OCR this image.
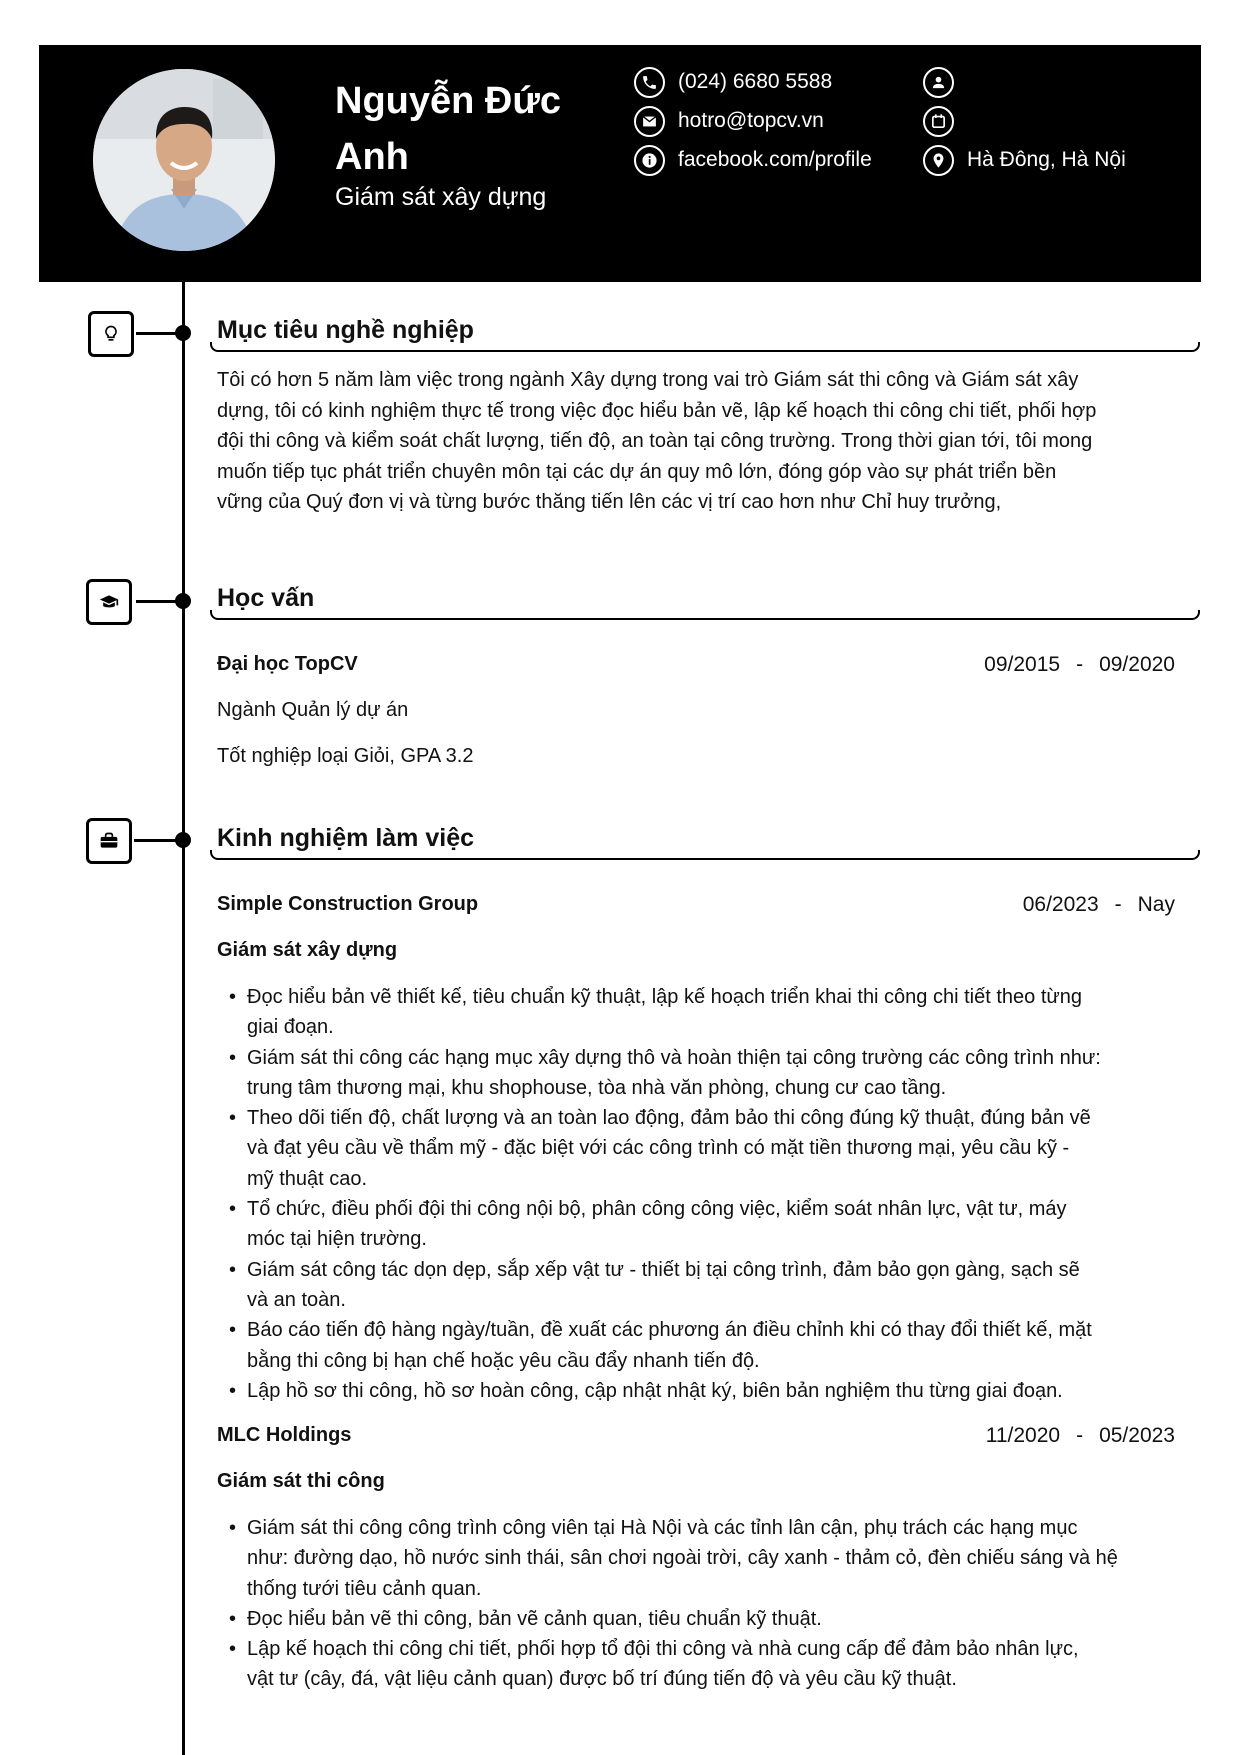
Nguyễn Đức Anh
Giám sát xây dựng
(024) 6680 5588
hotro@topcv.vn
facebook.com/profile	Hà Đông, Hà Nội
Mục tiêu nghề nghiệp
Tôi có hơn 5 năm làm việc trong ngành Xây dựng trong vai trò Giám sát thi công và Giám sát xây
dựng, tôi có kinh nghiệm thực tế trong việc đọc hiểu bản vẽ, lập kế hoạch thi công chi tiết, phối hợp
đội thi công và kiểm soát chất lượng, tiến độ, an toàn tại công trường. Trong thời gian tới, tôi mong
muốn tiếp tục phát triển chuyên môn tại các dự án quy mô lớn, đóng góp vào sự phát triển bền
vững của Quý đơn vị và từng bước thăng tiến lên các vị trí cao hơn như Chỉ huy trưởng,
Học vấn
Đại học TopCV	09/2015 - 09/2020
Ngành Quản lý dự án
Tốt nghiệp loại Giỏi, GPA 3.2
Kinh nghiệm làm việc
Simple Construction Group	06/2023 - Nay
Giám sát xây dựng
• Đọc hiểu bản vẽ thiết kế, tiêu chuẩn kỹ thuật, lập kế hoạch triển khai thi công chi tiết theo từng
giai đoạn.
• Giám sát thi công các hạng mục xây dựng thô và hoàn thiện tại công trường các công trình như:
trung tâm thương mại, khu shophouse, tòa nhà văn phòng, chung cư cao tầng.
• Theo dõi tiến độ, chất lượng và an toàn lao động, đảm bảo thi công đúng kỹ thuật, đúng bản vẽ
và đạt yêu cầu về thẩm mỹ - đặc biệt với các công trình có mặt tiền thương mại, yêu cầu kỹ -
mỹ thuật cao.
• Tổ chức, điều phối đội thi công nội bộ, phân công công việc, kiểm soát nhân lực, vật tư, máy
móc tại hiện trường.
• Giám sát công tác dọn dẹp, sắp xếp vật tư - thiết bị tại công trình, đảm bảo gọn gàng, sạch sẽ
và an toàn.
• Báo cáo tiến độ hàng ngày/tuần, đề xuất các phương án điều chỉnh khi có thay đổi thiết kế, mặt
bằng thi công bị hạn chế hoặc yêu cầu đẩy nhanh tiến độ.
• Lập hồ sơ thi công, hồ sơ hoàn công, cập nhật nhật ký, biên bản nghiệm thu từng giai đoạn.
MLC Holdings	11/2020 - 05/2023
Giám sát thi công
• Giám sát thi công công trình công viên tại Hà Nội và các tỉnh lân cận, phụ trách các hạng mục
như: đường dạo, hồ nước sinh thái, sân chơi ngoài trời, cây xanh - thảm cỏ, đèn chiếu sáng và hệ
thống tưới tiêu cảnh quan.
• Đọc hiểu bản vẽ thi công, bản vẽ cảnh quan, tiêu chuẩn kỹ thuật.
• Lập kế hoạch thi công chi tiết, phối hợp tổ đội thi công và nhà cung cấp để đảm bảo nhân lực,
vật tư (cây, đá, vật liệu cảnh quan) được bố trí đúng tiến độ và yêu cầu kỹ thuật.
